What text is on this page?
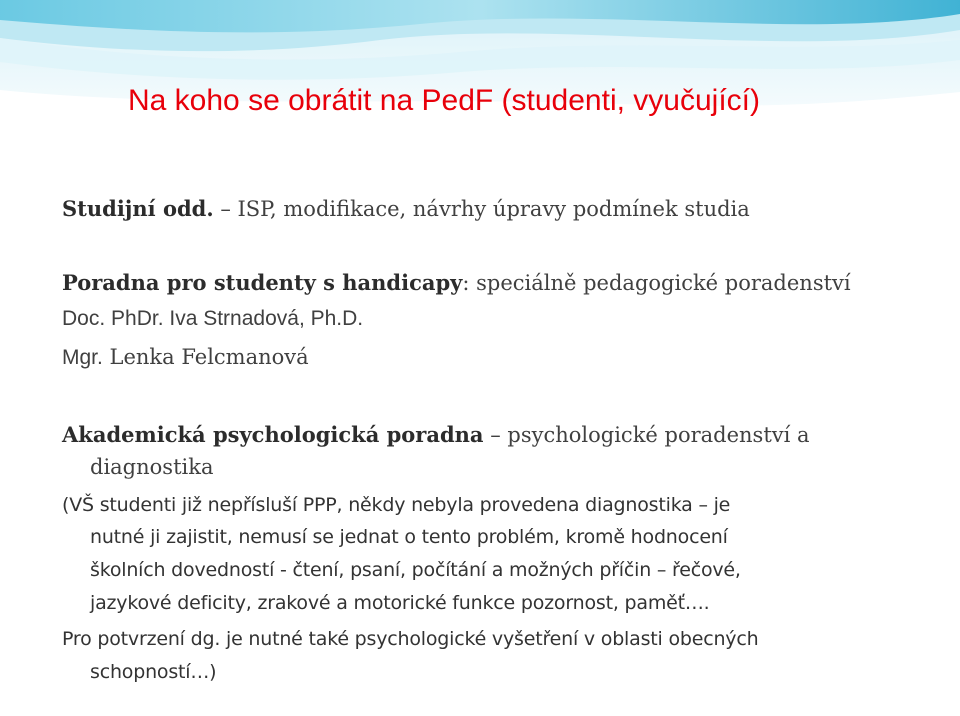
Na koho se obrátit na PedF (studenti, vyučující)
Studijní odd. – ISP, modifikace, návrhy úpravy podmínek studia
Poradna pro studenty s handicapy: speciálně pedagogické poradenství
Doc. PhDr. Iva Strnadová, Ph.D.
Mgr. Lenka Felcmanová
Akademická psychologická poradna – psychologické poradenství a
diagnostika
(VŠ studenti již nepřísluší PPP, někdy nebyla provedena diagnostika – je
nutné ji zajistit, nemusí se jednat o tento problém, kromě hodnocení
školních dovedností - čtení, psaní, počítání a možných příčin – řečové,
jazykové deficity, zrakové a motorické funkce pozornost, paměť….
Pro potvrzení dg. je nutné také psychologické vyšetření v oblasti obecných
schopností…)
